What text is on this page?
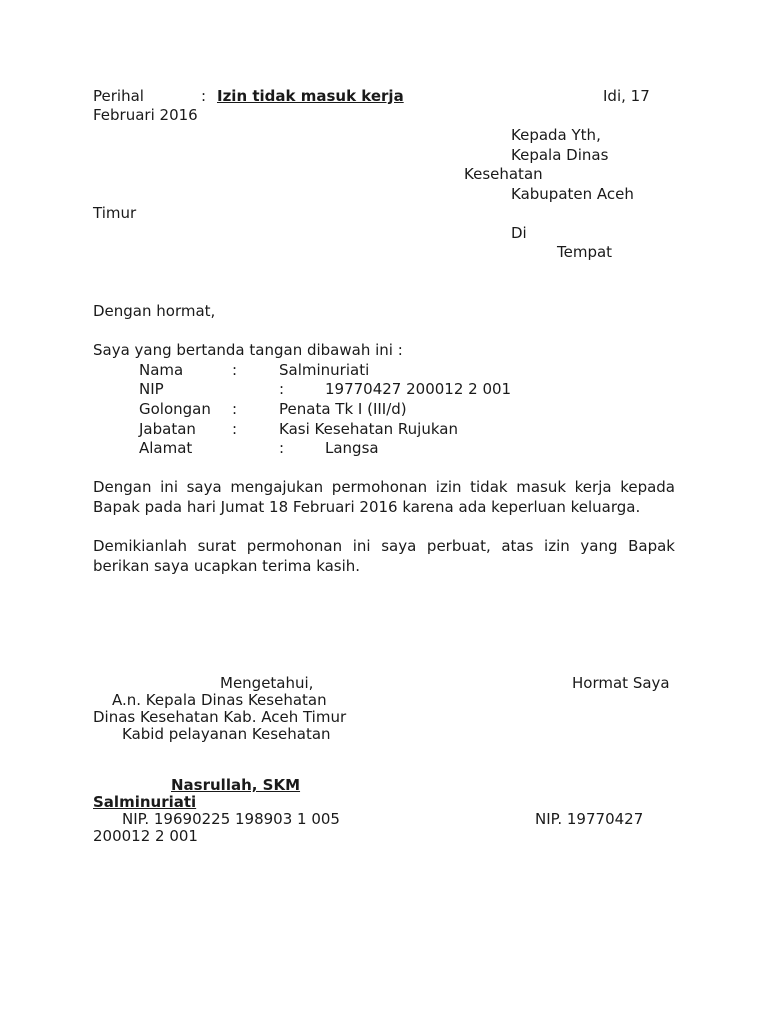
Perihal	: Izin tidak masuk kerja	Idi, 17
Februari 2016
Kepada Yth,
Kepala Dinas
Kesehatan
Kabupaten Aceh
Timur
Di
Tempat
Dengan hormat,
Saya yang bertanda tangan dibawah ini :
Nama	:	Salminuriati
NIP	:	19770427 200012 2 001
Golongan :	Penata Tk I (III/d)
Jabatan :	Kasi Kesehatan Rujukan
Alamat	:	Langsa
Dengan ini saya mengajukan permohonan izin tidak masuk kerja kepada
Bapak pada hari Jumat 18 Februari 2016 karena ada keperluan keluarga.
Demikianlah surat permohonan ini saya perbuat, atas izin yang Bapak
berikan saya ucapkan terima kasih.
Mengetahui,	Hormat Saya
A.n. Kepala Dinas Kesehatan
Dinas Kesehatan Kab. Aceh Timur
Kabid pelayanan Kesehatan
Nasrullah, SKM
Salminuriati
NIP. 19690225 198903 1 005	NIP. 19770427
200012 2 001
